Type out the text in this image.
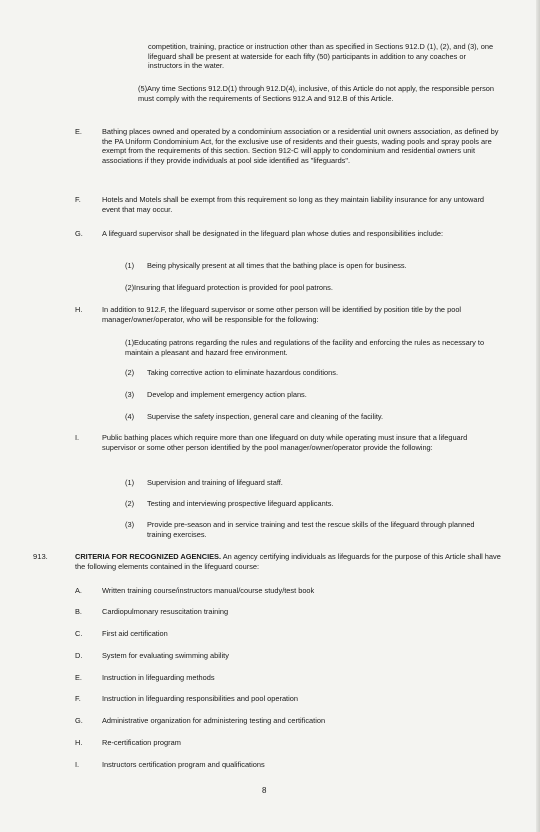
competition, training, practice or instruction other than as specified in Sections 912.D (1), (2), and (3), one lifeguard shall be present at waterside for each fifty (50) participants in addition to any coaches or instructors in the water.

(5)Any time Sections 912.D(1) through 912.D(4), inclusive, of this Article do not apply, the responsible person must comply with the requirements of Sections 912.A and 912.B of this Article.

E.	Bathing places owned and operated by a condominium association or a residential unit owners association, as defined by the PA Uniform Condominium Act, for the exclusive use of residents and their guests, wading pools and spray pools are exempt from the requirements of this section. Section 912-C will apply to condominium and residential owners unit associations if they provide individuals at pool side identified as "lifeguards".

F.	Hotels and Motels shall be exempt from this requirement so long as they maintain liability insurance for any untoward event that may occur.

G.	A lifeguard supervisor shall be designated in the lifeguard plan whose duties and responsibilities include:

(1) Being physically present at all times that the bathing place is open for business.

(2)Insuring that lifeguard protection is provided for pool patrons.

H.	In addition to 912.F, the lifeguard supervisor or some other person will be identified by position title by the pool manager/owner/operator, who will be responsible for the following:

(1)Educating patrons regarding the rules and regulations of the facility and enforcing the rules as necessary to maintain a pleasant and hazard free environment.

(2) Taking corrective action to eliminate hazardous conditions.

(3) Develop and implement emergency action plans.

(4) Supervise the safety inspection, general care and cleaning of the facility.

I.	Public bathing places which require more than one lifeguard on duty while operating must insure that a lifeguard supervisor or some other person identified by the pool manager/owner/operator provide the following:

(1) Supervision and training of lifeguard staff.

(2) Testing and interviewing prospective lifeguard applicants.

(3) Provide pre-season and in service training and test the rescue skills of the lifeguard through planned training exercises.

913.	CRITERIA FOR RECOGNIZED AGENCIES. An agency certifying individuals as lifeguards for the purpose of this Article shall have the following elements contained in the lifeguard course:

A.	Written training course/instructors manual/course study/test book

B.	Cardiopulmonary resuscitation training

C.	First aid certification

D.	System for evaluating swimming ability

E.	Instruction in lifeguarding methods

F.	Instruction in lifeguarding responsibilities and pool operation

G.	Administrative organization for administering testing and certification

H.	Re-certification program

I.	Instructors certification program and qualifications

8
